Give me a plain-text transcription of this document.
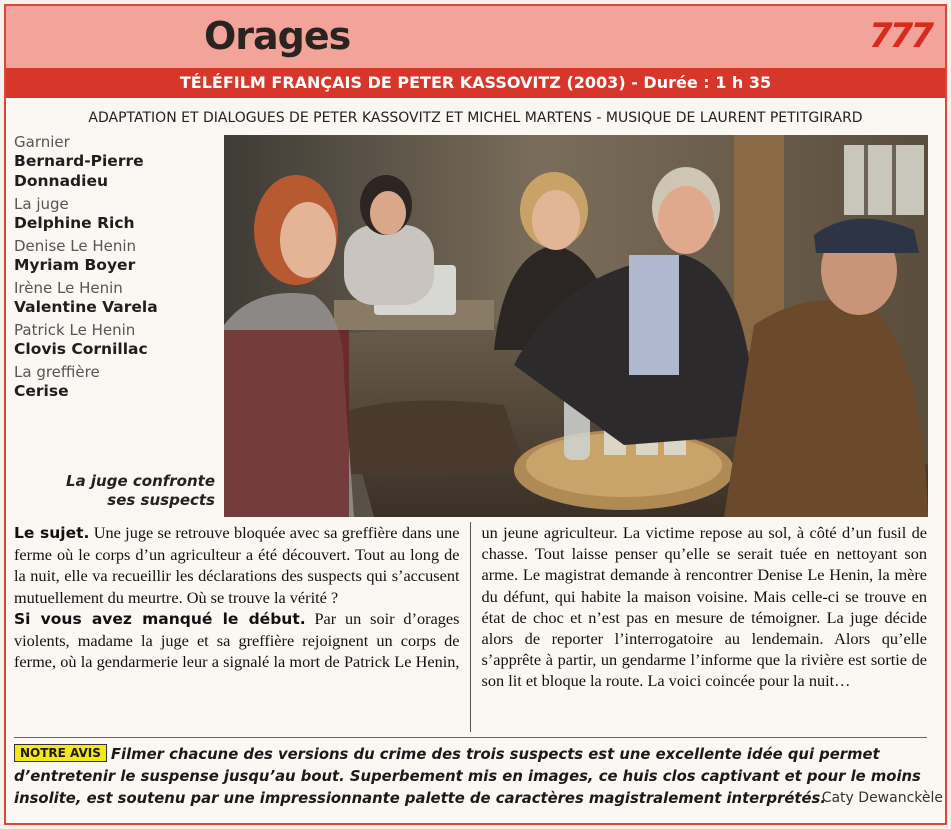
Orages	777
TÉLÉFILM FRANÇAIS DE PETER KASSOVITZ (2003) - Durée : 1 h 35
ADAPTATION ET DIALOGUES DE PETER KASSOVITZ ET MICHEL MARTENS - MUSIQUE DE LAURENT PETITGIRARD
Garnier
Bernard-Pierre
Donnadieu
La juge
Delphine Rich
Denise Le Henin
Myriam Boyer
Irène Le Henin
Valentine Varela
Patrick Le Henin
Clovis Cornillac
La greffière
Cerise
La juge confronte
ses suspects

Le sujet. Une juge se retrouve bloquée avec sa greffière dans une ferme où le corps d’un agriculteur a été découvert. Tout au long de la nuit, elle va recueillir les déclarations des suspects qui s’accusent mutuellement du meurtre. Où se trouve la vérité ?

Si vous avez manqué le début. Par un soir d’orages violents, madame la juge et sa greffière rejoignent un corps de ferme, où la gendarmerie leur a signalé la mort de Patrick Le Henin, un jeune agriculteur. La victime repose au sol, à côté d’un fusil de chasse. Tout laisse penser qu’elle se serait tuée en nettoyant son arme. Le magistrat demande à rencontrer Denise Le Henin, la mère du défunt, qui habite la maison voisine. Mais celle-ci se trouve en état de choc et n’est pas en mesure de témoigner. La juge décide alors de reporter l’interrogatoire au lendemain. Alors qu’elle s’apprête à partir, un gendarme l’informe que la rivière est sortie de son lit et bloque la route. La voici coincée pour la nuit…

NOTRE AVIS Filmer chacune des versions du crime des trois suspects est une excellente idée qui permet d’entretenir le suspense jusqu’au bout. Superbement mis en images, ce huis clos captivant et pour le moins insolite, est soutenu par une impressionnante palette de caractères magistralement interprétés.
Caty Dewanckèle
